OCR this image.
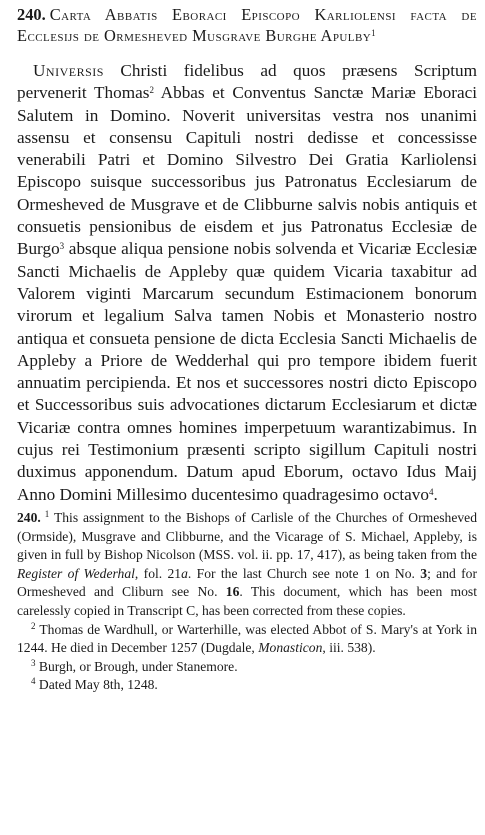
240. Carta Abbatis Eboraci Episcopo Karliolensi facta de Ecclesijs de Ormesheved Musgrave Burghe Apulby$^1$

Universis Christi fidelibus ad quos præsens Scriptum pervenerit Thomas$^2$ Abbas et Conventus Sanctæ Mariæ Eboraci Salutem in Domino. Noverit universitas vestra nos unanimi assensu et consensu Capituli nostri dedisse et concessisse venerabili Patri et Domino Silvestro Dei Gratia Karliolensi Episcopo suisque successoribus jus Patronatus Ecclesiarum de Ormesheved de Musgrave et de Clibburne salvis nobis antiquis et consuetis pensionibus de eisdem et jus Patronatus Ecclesiæ de Burgo$^3$ absque aliqua pensione nobis solvenda et Vicariæ Ecclesiæ Sancti Michaelis de Appleby quæ quidem Vicaria taxabitur ad Valorem viginti Marcarum secundum Estimacionem bonorum virorum et legalium Salva tamen Nobis et Monasterio nostro antiqua et consueta pensione de dicta Ecclesia Sancti Michaelis de Appleby a Priore de Wedderhal qui pro tempore ibidem fuerit annuatim percipienda. Et nos et successores nostri dicto Episcopo et Successoribus suis advocationes dictarum Ecclesiarum et dictæ Vicariæ contra omnes homines imperpetuum warantizabimus. In cujus rei Testimonium præsenti scripto sigillum Capituli nostri duximus apponendum. Datum apud Eborum, octavo Idus Maij Anno Domini Millesimo ducentesimo quadragesimo octavo$^4$.

240. $^1$ This assignment to the Bishops of Carlisle of the Churches of Ormesheved (Ormside), Musgrave and Clibburne, and the Vicarage of S. Michael, Appleby, is given in full by Bishop Nicolson (MSS. vol. ii. pp. 17, 417), as being taken from the Register of Wederhal, fol. 21a. For the last Church see note 1 on No. 3; and for Ormesheved and Cliburn see No. 16. This document, which has been most carelessly copied in Transcript C, has been corrected from these copies.

$^2$ Thomas de Wardhull, or Warterhille, was elected Abbot of S. Mary's at York in 1244. He died in December 1257 (Dugdale, Monasticon, iii. 538).

$^3$ Burgh, or Brough, under Stanemore.

$^4$ Dated May 8th, 1248.
